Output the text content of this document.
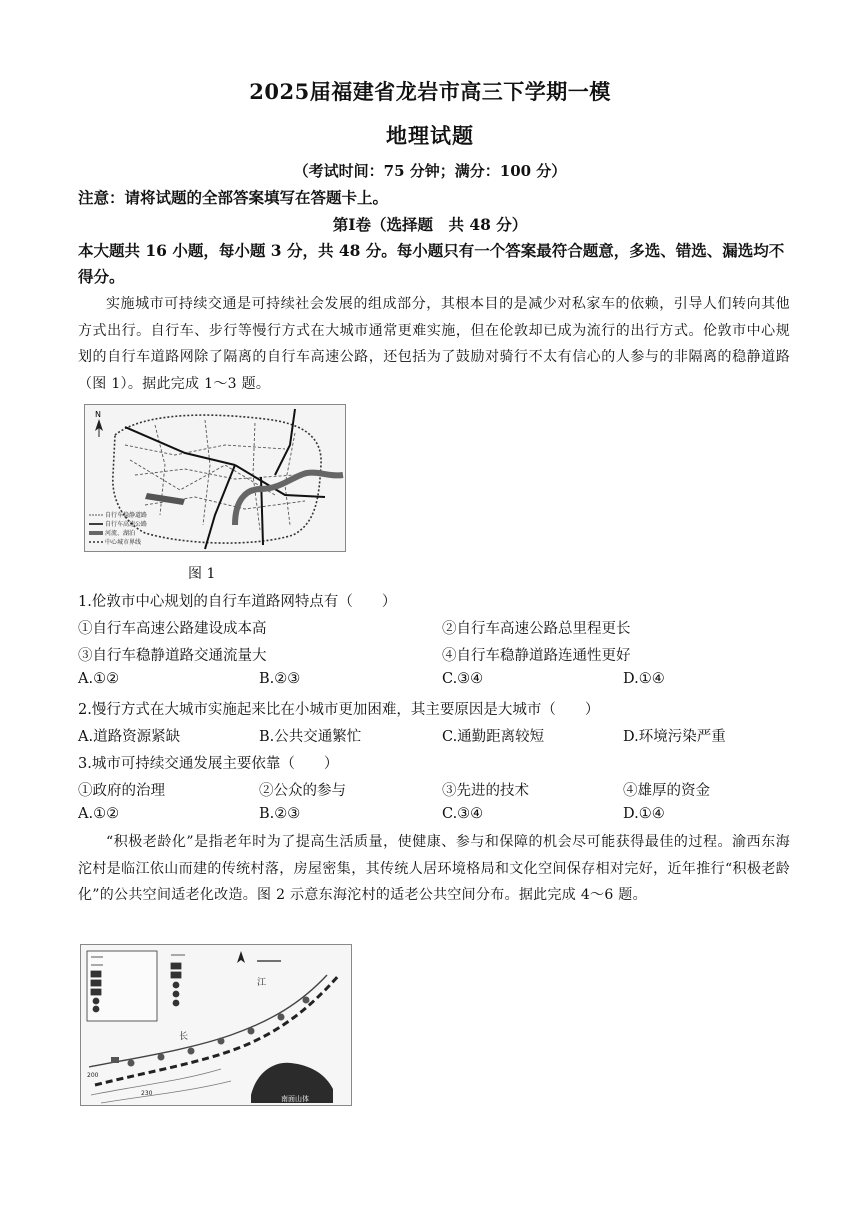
2025届福建省龙岩市高三下学期一模
地理试题
（考试时间：75 分钟；满分：100 分）
注意：请将试题的全部答案填写在答题卡上。
第Ⅰ卷（选择题　共 48 分）
本大题共 16 小题，每小题 3 分，共 48 分。每小题只有一个答案最符合题意，多选、错选、漏选均不得分。
实施城市可持续交通是可持续社会发展的组成部分，其根本目的是减少对私家车的依赖，引导人们转向其他方式出行。自行车、步行等慢行方式在大城市通常更难实施，但在伦敦却已成为流行的出行方式。伦敦市中心规划的自行车道路网除了隔离的自行车高速公路，还包括为了鼓励对骑行不太有信心的人参与的非隔离的稳静道路（图 1）。据此完成 1～3 题。
N
自行车稳静道路
自行车高速公路
河流、湖泊
中心城市界线
图 1
1.伦敦市中心规划的自行车道路网特点有（　　）
①自行车高速公路建设成本高	②自行车高速公路总里程更长
③自行车稳静道路交通流量大	④自行车稳静道路连通性更好
A.①②	B.②③	C.③④	D.①④
2.慢行方式在大城市实施起来比在小城市更加困难，其主要原因是大城市（　　）
A.道路资源紧缺	B.公共交通繁忙	C.通勤距离较短	D.环境污染严重
3.城市可持续交通发展主要依靠（　　）
①政府的治理	②公众的参与	③先进的技术	④雄厚的资金
A.①②	B.②③	C.③④	D.①④
“积极老龄化”是指老年时为了提高生活质量，使健康、参与和保障的机会尽可能获得最佳的过程。渝西东海沱村是临江依山而建的传统村落，房屋密集，其传统人居环境格局和文化空间保存相对完好，近年推行“积极老龄化”的公共空间适老化改造。图 2 示意东海沱村的适老公共空间分布。据此完成 4～6 题。
南面山体
江
长
200
230
